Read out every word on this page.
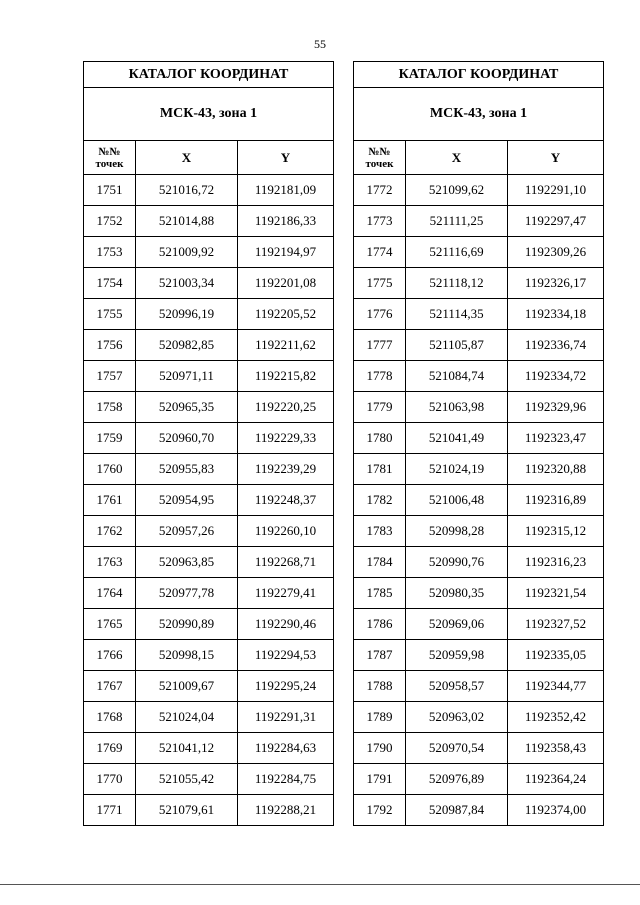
55
КАТАЛОГ КООРДИНАТ		
МСК-43, зона 1		
№№ точек	X	Y
1751	521016,72	1192181,09
1752	521014,88	1192186,33
1753	521009,92	1192194,97
1754	521003,34	1192201,08
1755	520996,19	1192205,52
1756	520982,85	1192211,62
1757	520971,11	1192215,82
1758	520965,35	1192220,25
1759	520960,70	1192229,33
1760	520955,83	1192239,29
1761	520954,95	1192248,37
1762	520957,26	1192260,10
1763	520963,85	1192268,71
1764	520977,78	1192279,41
1765	520990,89	1192290,46
1766	520998,15	1192294,53
1767	521009,67	1192295,24
1768	521024,04	1192291,31
1769	521041,12	1192284,63
1770	521055,42	1192284,75
1771	521079,61	1192288,21
КАТАЛОГ КООРДИНАТ		
МСК-43, зона 1		
№№ точек	X	Y
1772	521099,62	1192291,10
1773	521111,25	1192297,47
1774	521116,69	1192309,26
1775	521118,12	1192326,17
1776	521114,35	1192334,18
1777	521105,87	1192336,74
1778	521084,74	1192334,72
1779	521063,98	1192329,96
1780	521041,49	1192323,47
1781	521024,19	1192320,88
1782	521006,48	1192316,89
1783	520998,28	1192315,12
1784	520990,76	1192316,23
1785	520980,35	1192321,54
1786	520969,06	1192327,52
1787	520959,98	1192335,05
1788	520958,57	1192344,77
1789	520963,02	1192352,42
1790	520970,54	1192358,43
1791	520976,89	1192364,24
1792	520987,84	1192374,00
